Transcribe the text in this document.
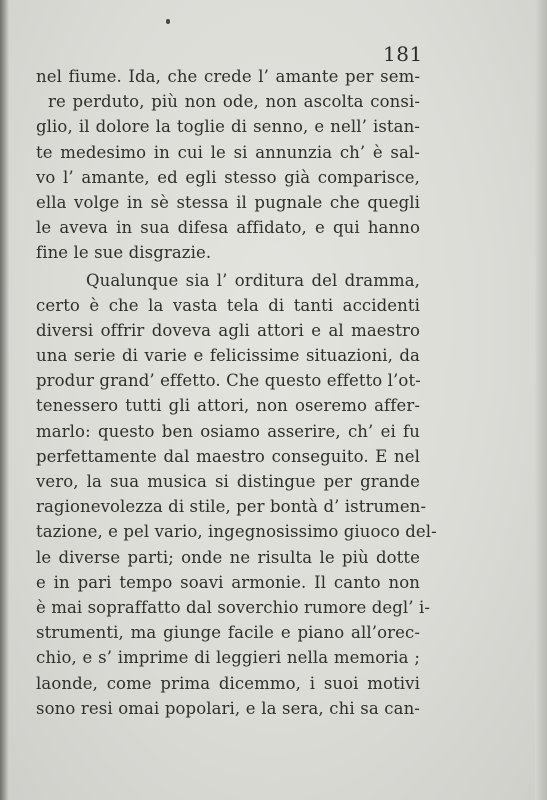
181
nel fiume. Ida, che crede l’ amante per sem-
re perduto, più non ode, non ascolta consi-
glio, il dolore la toglie di senno, e nell’ istan-
te medesimo in cui le si annunzia ch’ è sal-
vo l’ amante, ed egli stesso già comparisce,
ella volge in sè stessa il pugnale che quegli
le aveva in sua difesa affidato, e qui hanno
fine le sue disgrazie.
Qualunque sia l’ orditura del dramma,
certo è che la vasta tela di tanti accidenti
diversi offrir doveva agli attori e al maestro
una serie di varie e felicissime situazioni, da
produr grand’ effetto. Che questo effetto l’ot-
tenessero tutti gli attori, non oseremo affer-
marlo: questo ben osiamo asserire, ch’ ei fu
perfettamente dal maestro conseguito. E nel
vero, la sua musica si distingue per grande
ragionevolezza di stile, per bontà d’ istrumen-
tazione, e pel vario, ingegnosissimo giuoco del-
le diverse parti; onde ne risulta le più dotte
e in pari tempo soavi armonie. Il canto non
è mai sopraffatto dal soverchio rumore degl’ i-
strumenti, ma giunge facile e piano all’orec-
chio, e s’ imprime di leggieri nella memoria ;
laonde, come prima dicemmo, i suoi motivi
sono resi omai popolari, e la sera, chi sa can-
